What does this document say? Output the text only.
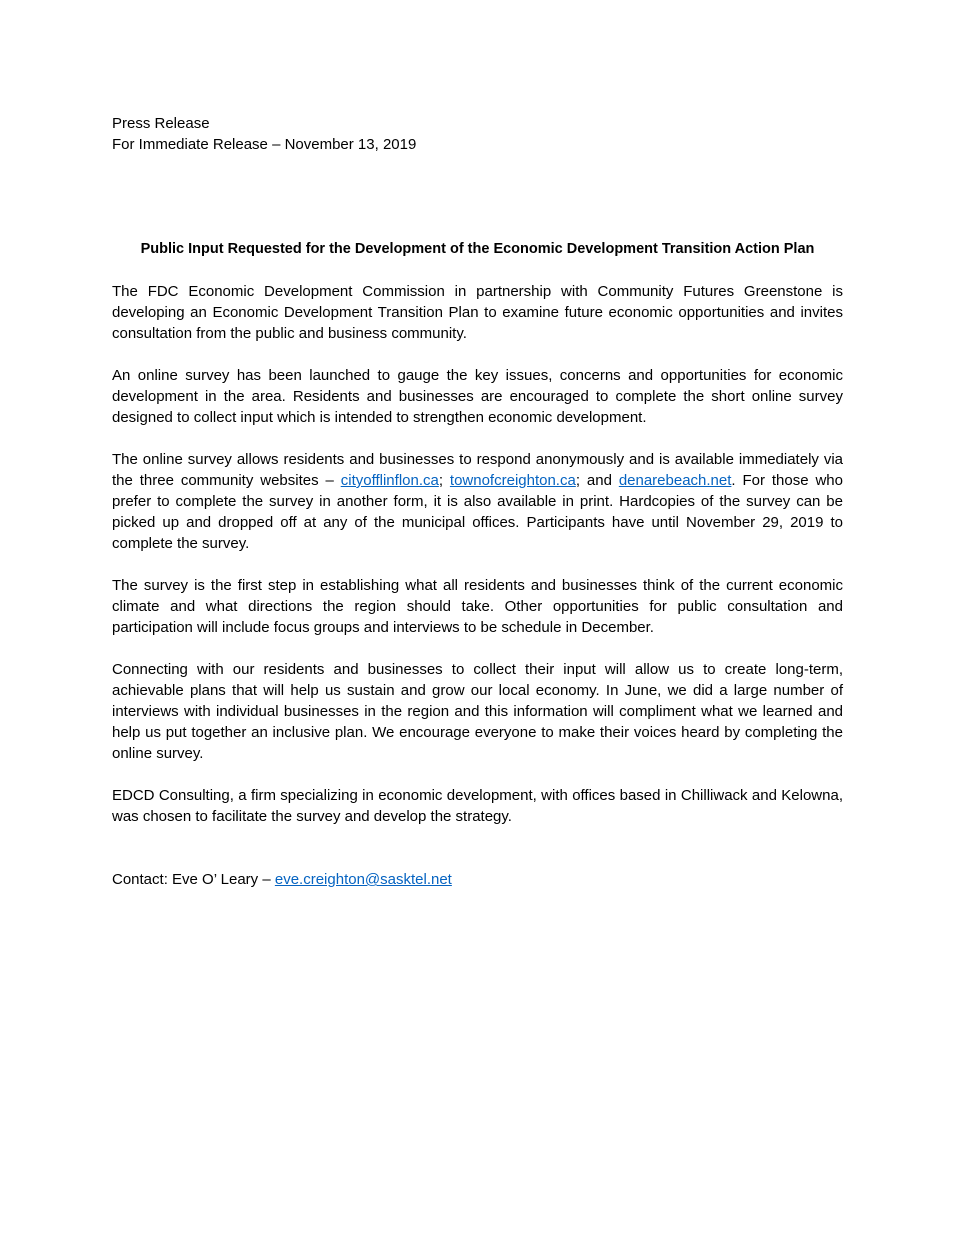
Press Release
For Immediate Release – November 13, 2019
Public Input Requested for the Development of the Economic Development Transition Action Plan

The FDC Economic Development Commission in partnership with Community Futures Greenstone is developing an Economic Development Transition Plan to examine future economic opportunities and invites consultation from the public and business community.

An online survey has been launched to gauge the key issues, concerns and opportunities for economic development in the area. Residents and businesses are encouraged to complete the short online survey designed to collect input which is intended to strengthen economic development.

The online survey allows residents and businesses to respond anonymously and is available immediately via the three community websites – cityofflinflon.ca; townofcreighton.ca; and denarebeach.net. For those who prefer to complete the survey in another form, it is also available in print. Hardcopies of the survey can be picked up and dropped off at any of the municipal offices. Participants have until November 29, 2019 to complete the survey.

The survey is the first step in establishing what all residents and businesses think of the current economic climate and what directions the region should take. Other opportunities for public consultation and participation will include focus groups and interviews to be schedule in December.

Connecting with our residents and businesses to collect their input will allow us to create long-term, achievable plans that will help us sustain and grow our local economy. In June, we did a large number of interviews with individual businesses in the region and this information will compliment what we learned and help us put together an inclusive plan. We encourage everyone to make their voices heard by completing the online survey.

EDCD Consulting, a firm specializing in economic development, with offices based in Chilliwack and Kelowna, was chosen to facilitate the survey and develop the strategy.

Contact: Eve O’ Leary – eve.creighton@sasktel.net
